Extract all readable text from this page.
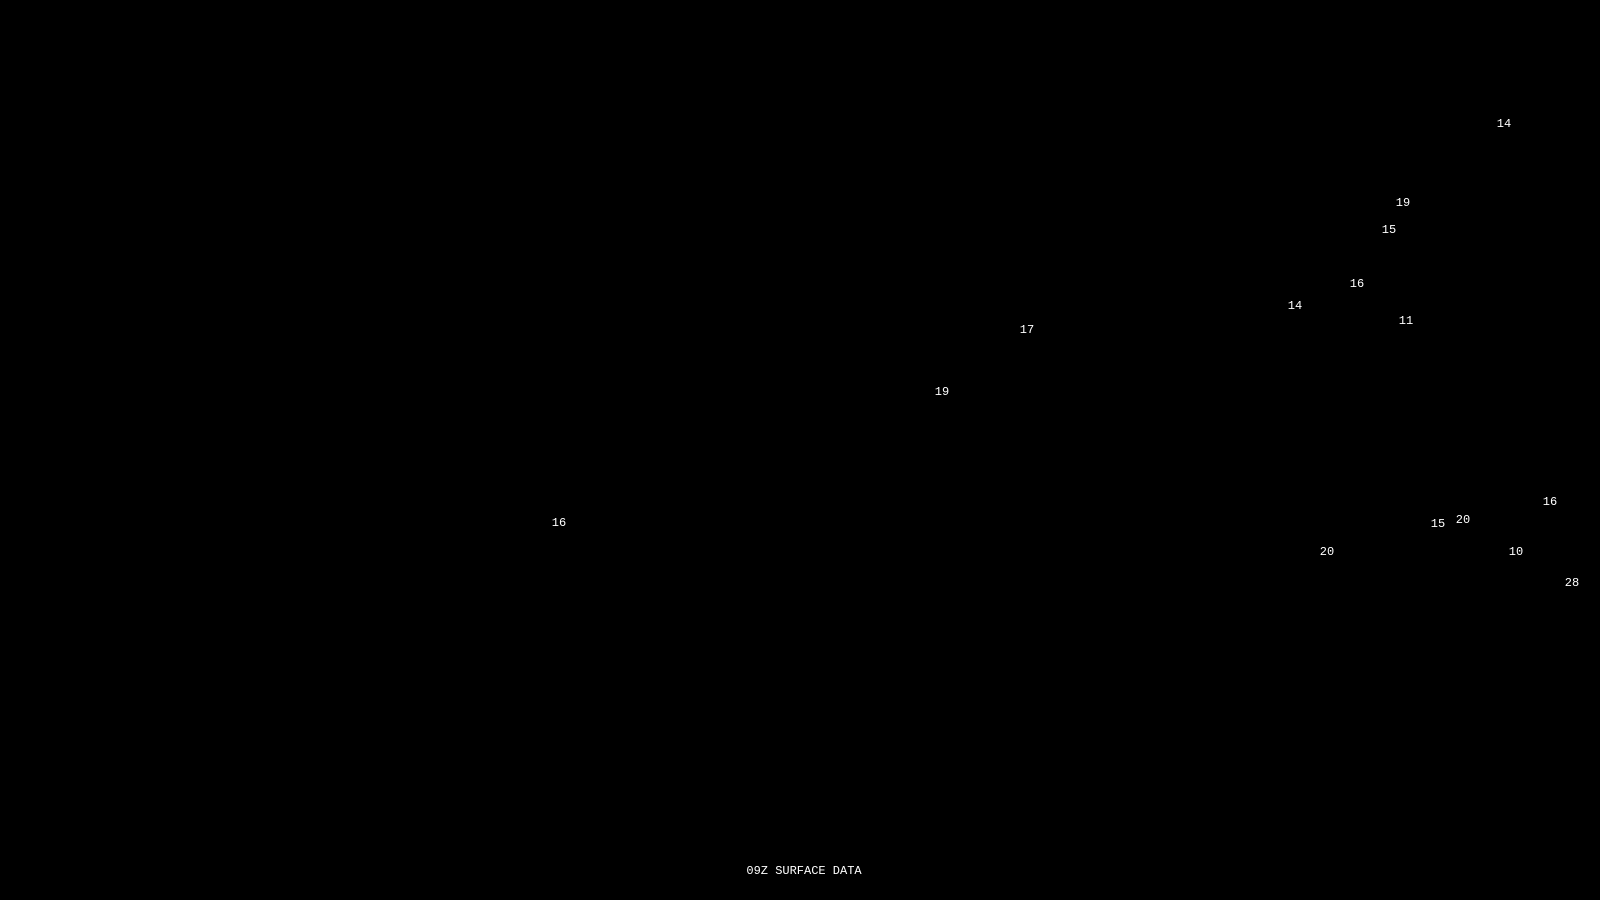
14
19
15
16
14
11
17
19
16
20
16	15
20	10
28
09Z SURFACE DATA
